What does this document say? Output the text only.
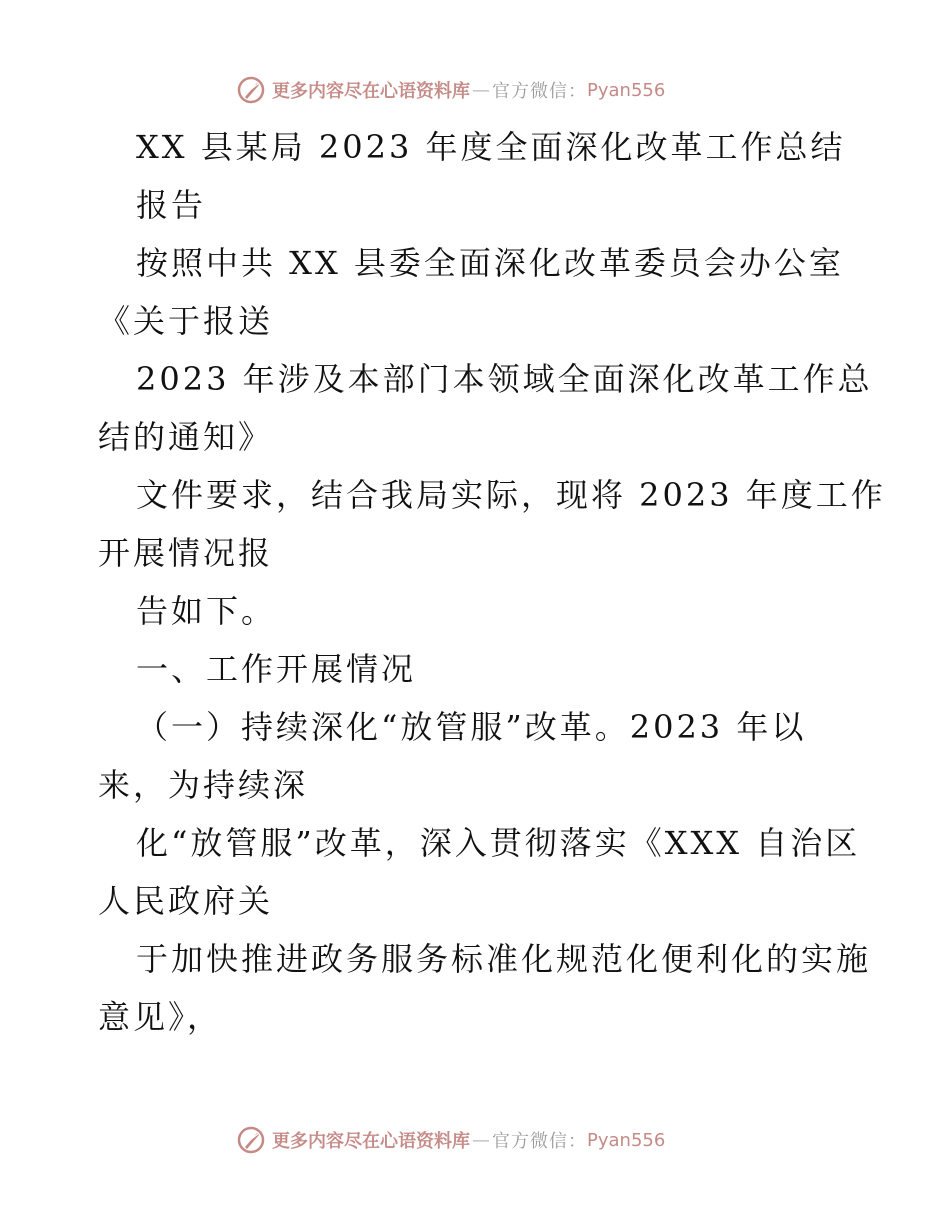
更多内容尽在心语资料库 — 官方微信： Pyan556
XX 县某局 2023 年度全面深化改革工作总结
报告
按照中共 XX 县委全面深化改革委员会办公室
《关于报送
2023 年涉及本部门本领域全面深化改革工作总
结的通知》
文件要求，结合我局实际，现将 2023 年度工作
开展情况报
告如下。
一、工作开展情况
（一）持续深化“放管服”改革。2023 年以
来，为持续深
化“放管服”改革，深入贯彻落实《XXX 自治区
人民政府关
于加快推进政务服务标准化规范化便利化的实施
意见》，
更多内容尽在心语资料库 — 官方微信： Pyan556
